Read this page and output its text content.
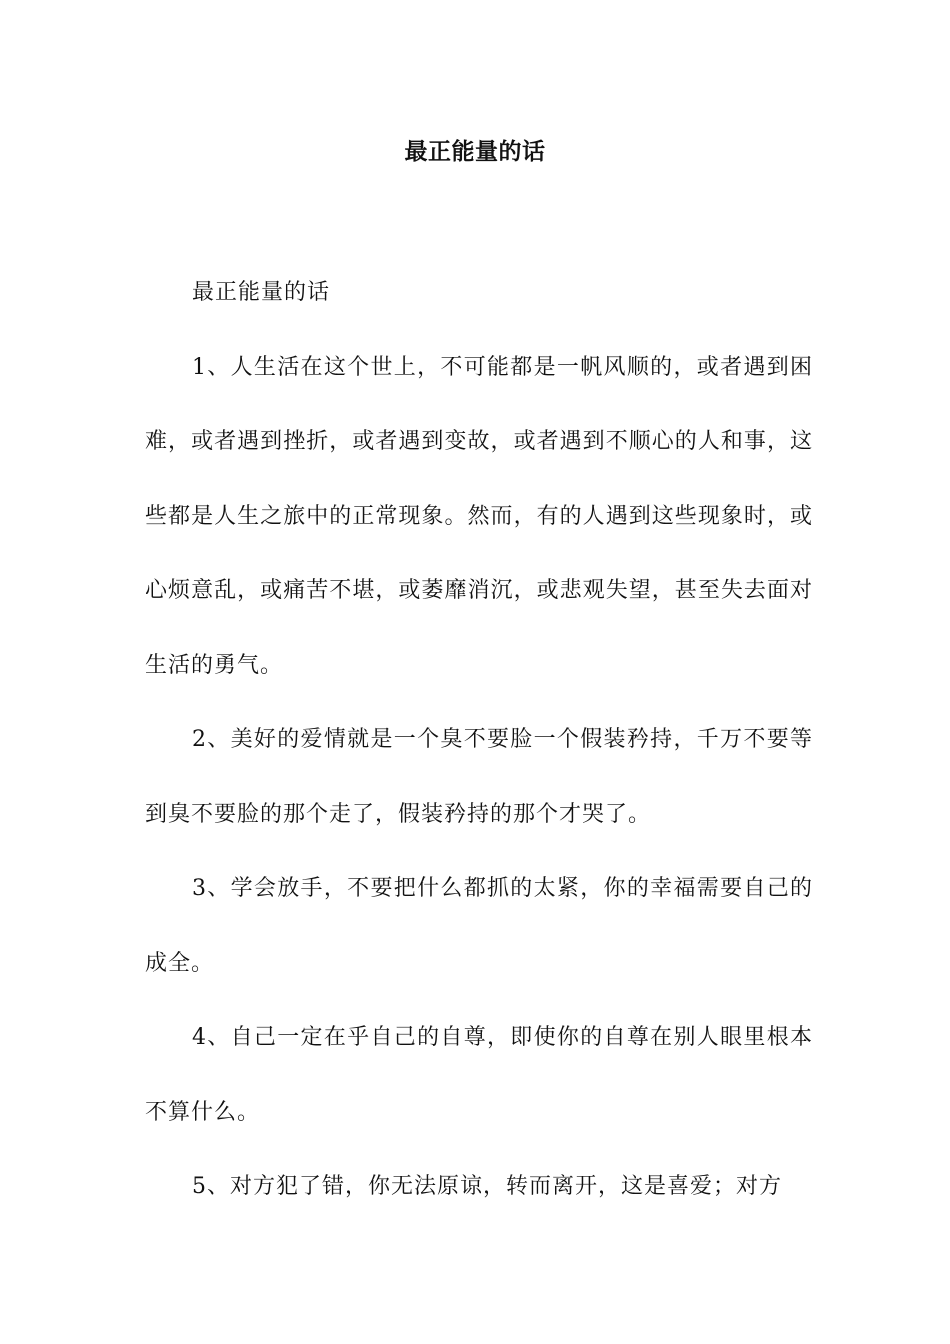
最正能量的话

最正能量的话

1、人生活在这个世上，不可能都是一帆风顺的，或者遇到困难，或者遇到挫折，或者遇到变故，或者遇到不顺心的人和事，这些都是人生之旅中的正常现象。然而，有的人遇到这些现象时，或心烦意乱，或痛苦不堪，或萎靡消沉，或悲观失望，甚至失去面对生活的勇气。

2、美好的爱情就是一个臭不要脸一个假装矜持，千万不要等到臭不要脸的那个走了，假装矜持的那个才哭了。

3、学会放手，不要把什么都抓的太紧，你的幸福需要自己的成全。

4、自己一定在乎自己的自尊，即使你的自尊在别人眼里根本不算什么。

5、对方犯了错，你无法原谅，转而离开，这是喜爱；对方
